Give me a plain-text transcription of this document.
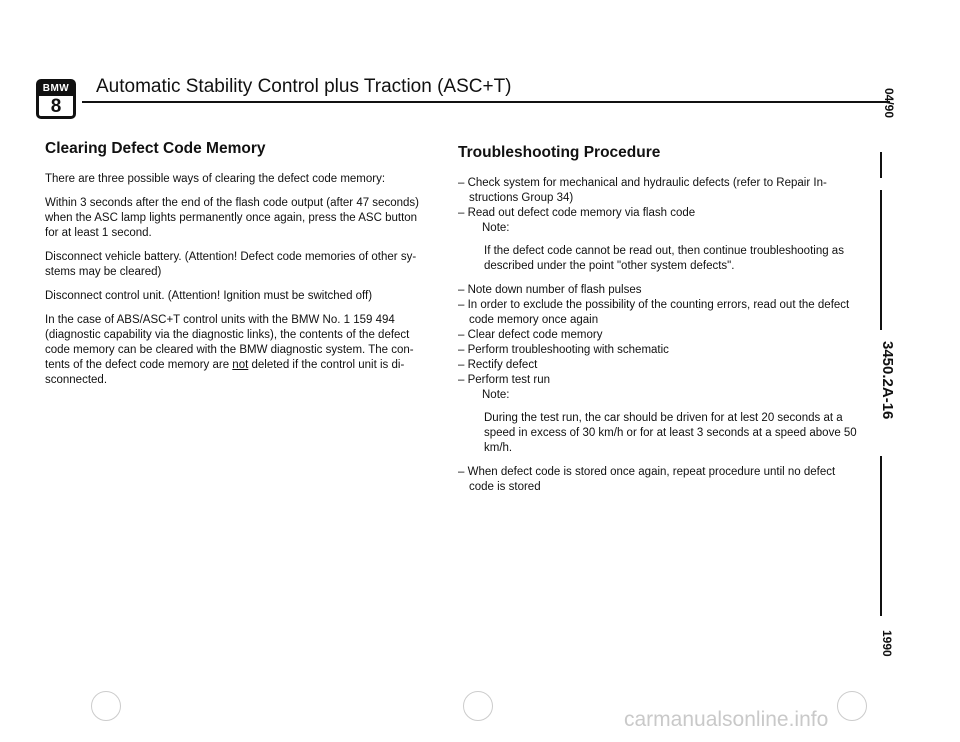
BMW
8
Automatic Stability Control plus Traction (ASC+T)
Clearing Defect Code Memory

There are three possible ways of clearing the defect code memory:

Within 3 seconds after the end of the flash code output (after 47 seconds) when the ASC lamp lights permanently once again, press the ASC button for at least 1 second.

Disconnect vehicle battery. (Attention! Defect code memories of other sy-stems may be cleared)

Disconnect control unit. (Attention! Ignition must be switched off)

In the case of ABS/ASC+T control units with the BMW No. 1 159 494 (diagnostic capability via the diagnostic links), the contents of the defect code memory can be cleared with the BMW diagnostic system. The con-tents of the defect code memory are not deleted if the control unit is di-sconnected.

Troubleshooting Procedure
– Check system for mechanical and hydraulic defects (refer to Repair In-structions Group 34)
– Read out defect code memory via flash code
Note:
If the defect code cannot be read out, then continue troubleshooting as described under the point "other system defects".
– Note down number of flash pulses
– In order to exclude the possibility of the counting errors, read out the defect code memory once again
– Clear defect code memory
– Perform troubleshooting with schematic
– Rectify defect
– Perform test run
Note:
During the test run, the car should be driven for at lest 20 seconds at a speed in excess of 30 km/h or for at least 3 seconds at a speed above 50 km/h.
– When defect code is stored once again, repeat procedure until no defect code is stored
04/90
3450.2A-16
1990
carmanualsonline.info
